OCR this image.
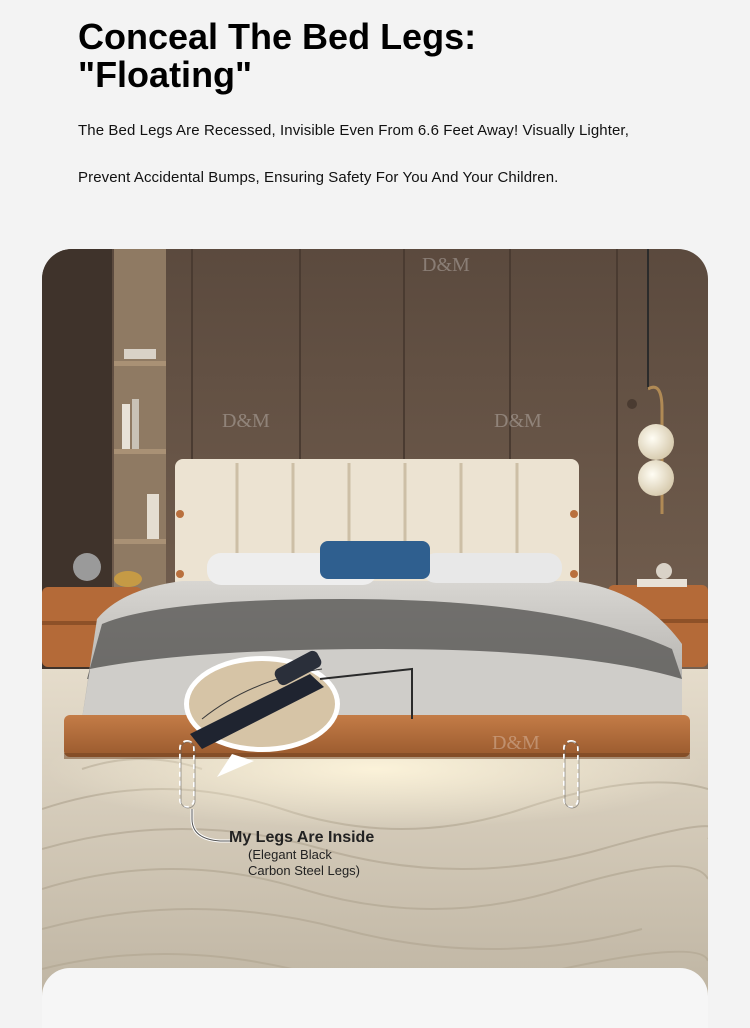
Conceal The Bed Legs:
"Floating"

The Bed Legs Are Recessed, Invisible Even From 6.6 Feet Away! Visually Lighter,

Prevent Accidental Bumps, Ensuring Safety For You And Your Children.

D&M
D&M	D&M
D&M
My Legs Are Inside
(Elegant Black
Carbon Steel Legs)
